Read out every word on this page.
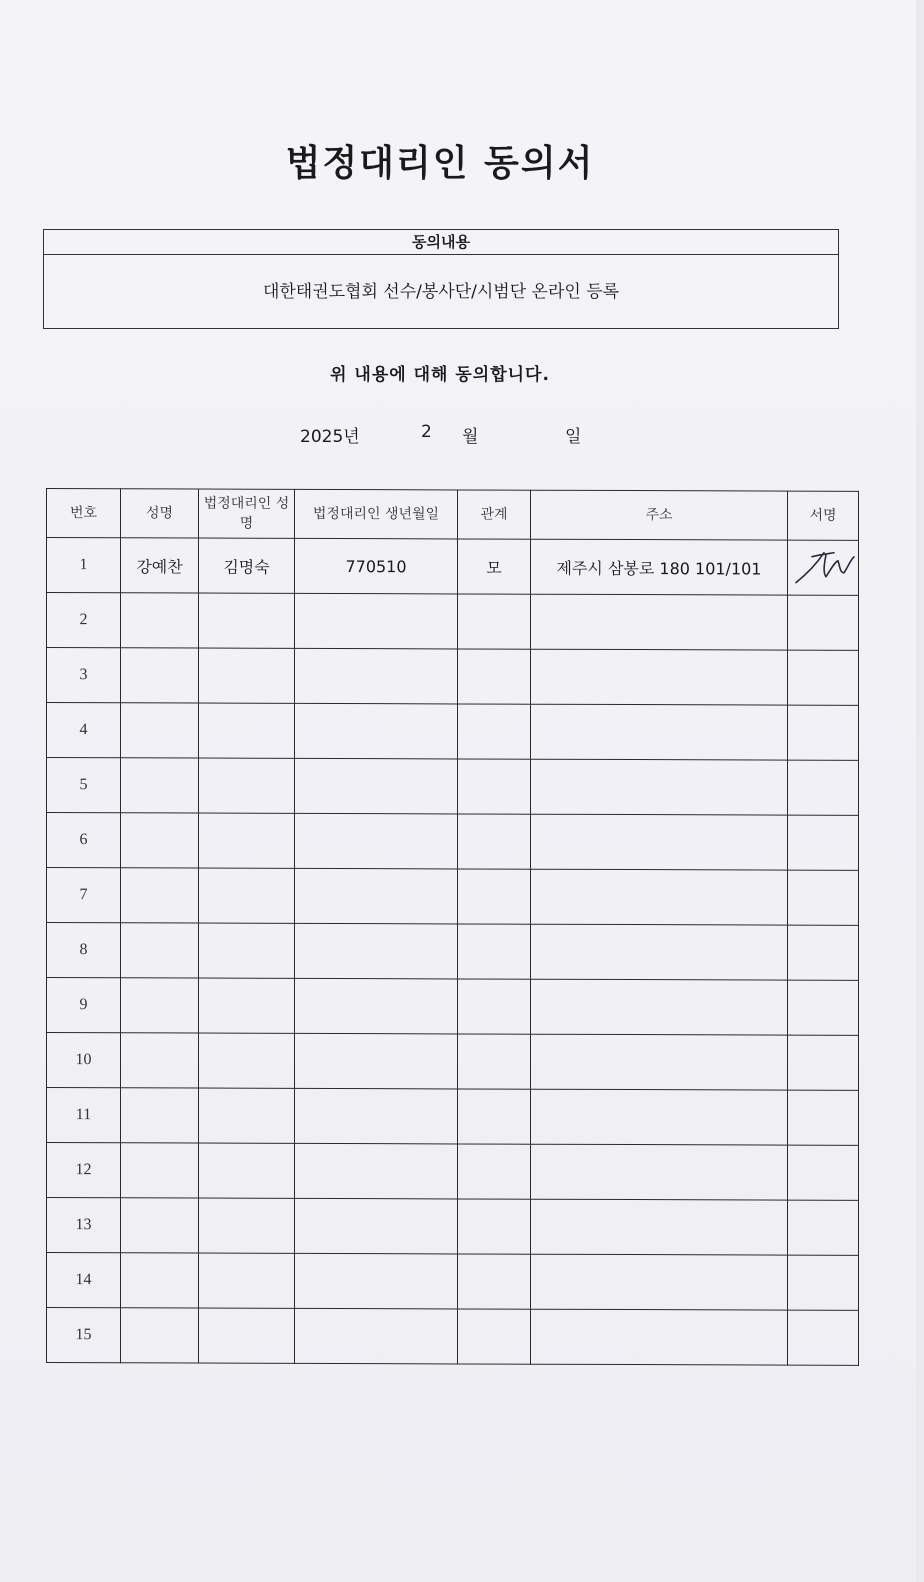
법정대리인 동의서
동의내용
대한태권도협회 선수/봉사단/시범단 온라인 등록
위 내용에 대해 동의합니다.
2025년	2 월	일
번호	성명	법정대리인 성명	법정대리인 생년월일	관계	주소	서명
1	강예찬	김명숙	770510	모	제주시 삼봉로 180 101/101	

2						
3						
4						
5						
6						
7						
8						
9						
10						
11						
12						
13						
14						
15						
